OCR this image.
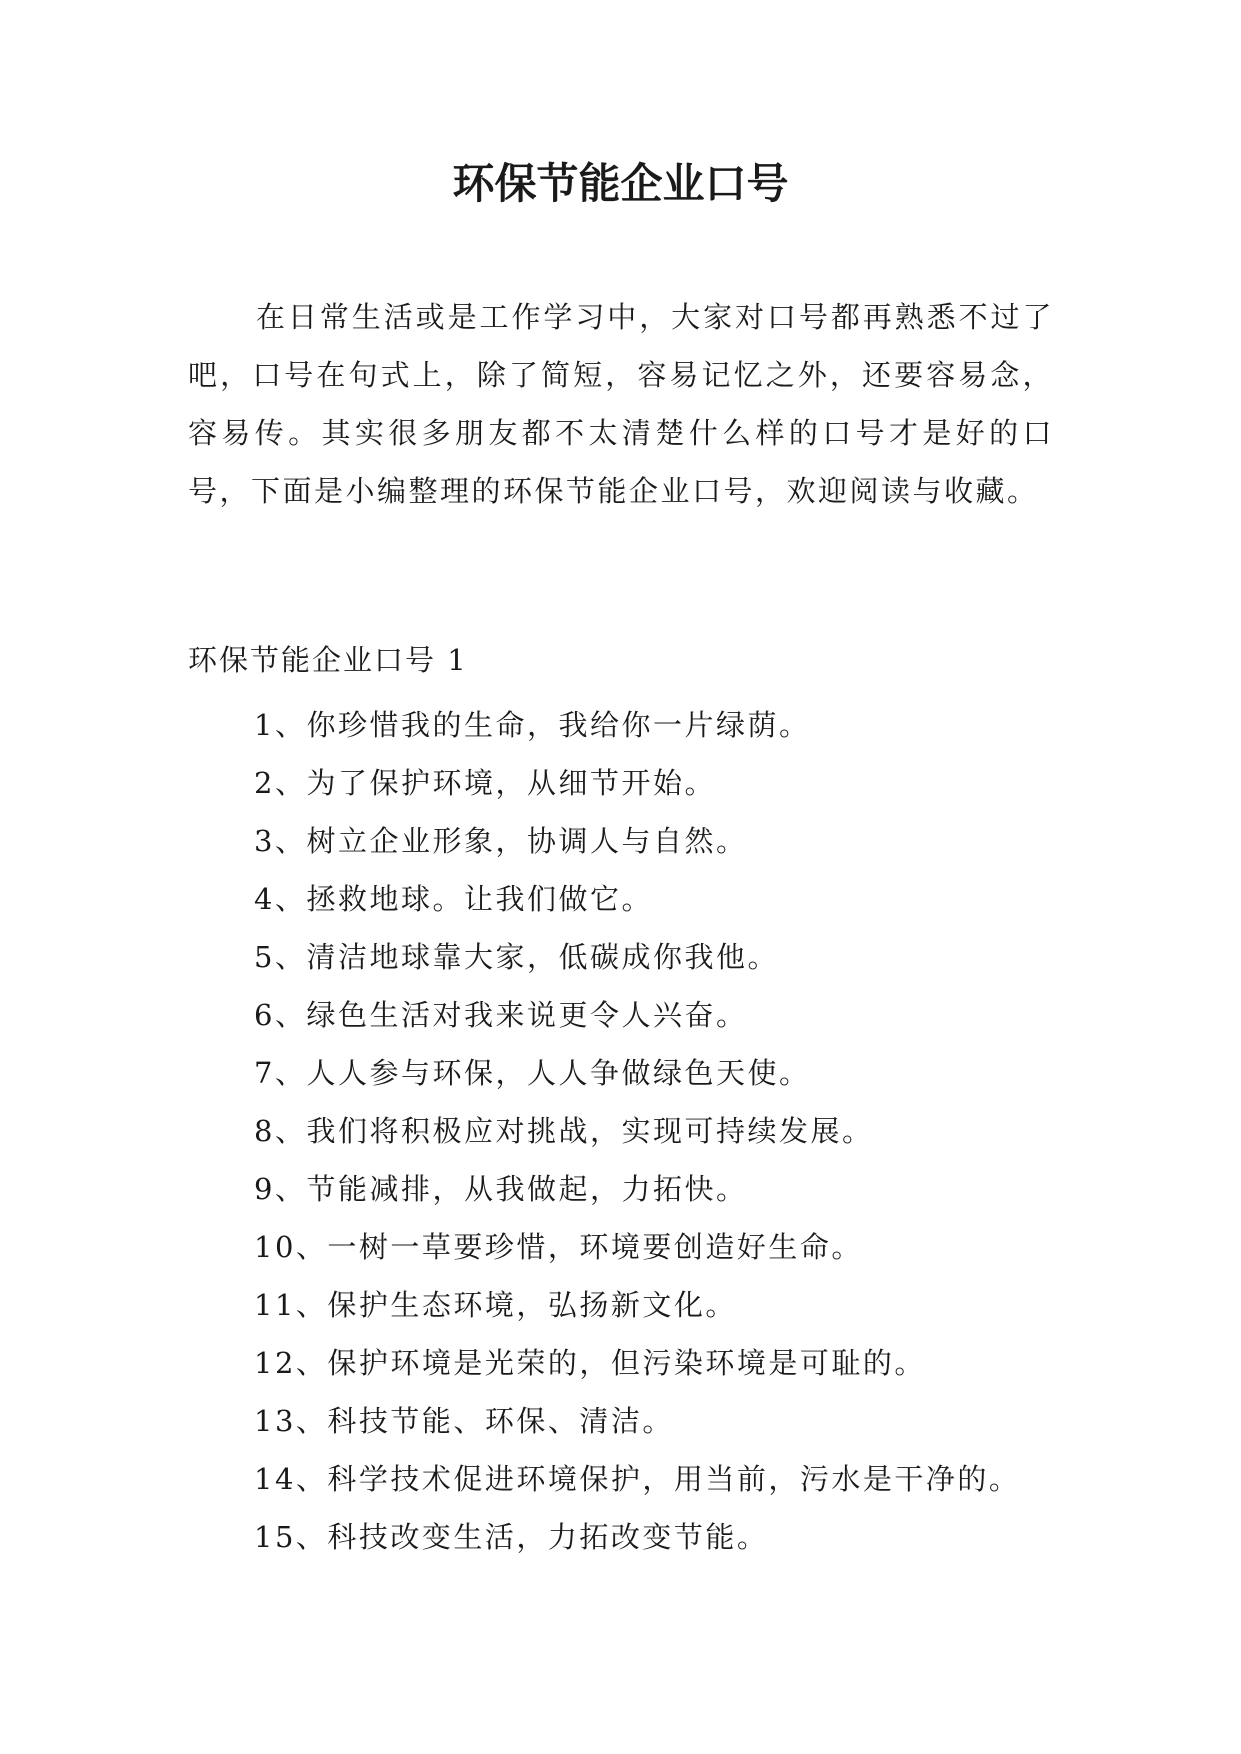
环保节能企业口号

在日常生活或是工作学习中，大家对口号都再熟悉不过了吧，口号在句式上，除了简短，容易记忆之外，还要容易念，容易传。其实很多朋友都不太清楚什么样的口号才是好的口号，下面是小编整理的环保节能企业口号，欢迎阅读与收藏。

环保节能企业口号 1

1、你珍惜我的生命，我给你一片绿荫。
2、为了保护环境，从细节开始。
3、树立企业形象，协调人与自然。
4、拯救地球。让我们做它。
5、清洁地球靠大家，低碳成你我他。
6、绿色生活对我来说更令人兴奋。
7、人人参与环保，人人争做绿色天使。
8、我们将积极应对挑战，实现可持续发展。
9、节能减排，从我做起，力拓快。
10、一树一草要珍惜，环境要创造好生命。
11、保护生态环境，弘扬新文化。
12、保护环境是光荣的，但污染环境是可耻的。
13、科技节能、环保、清洁。
14、科学技术促进环境保护，用当前，污水是干净的。
15、科技改变生活，力拓改变节能。
